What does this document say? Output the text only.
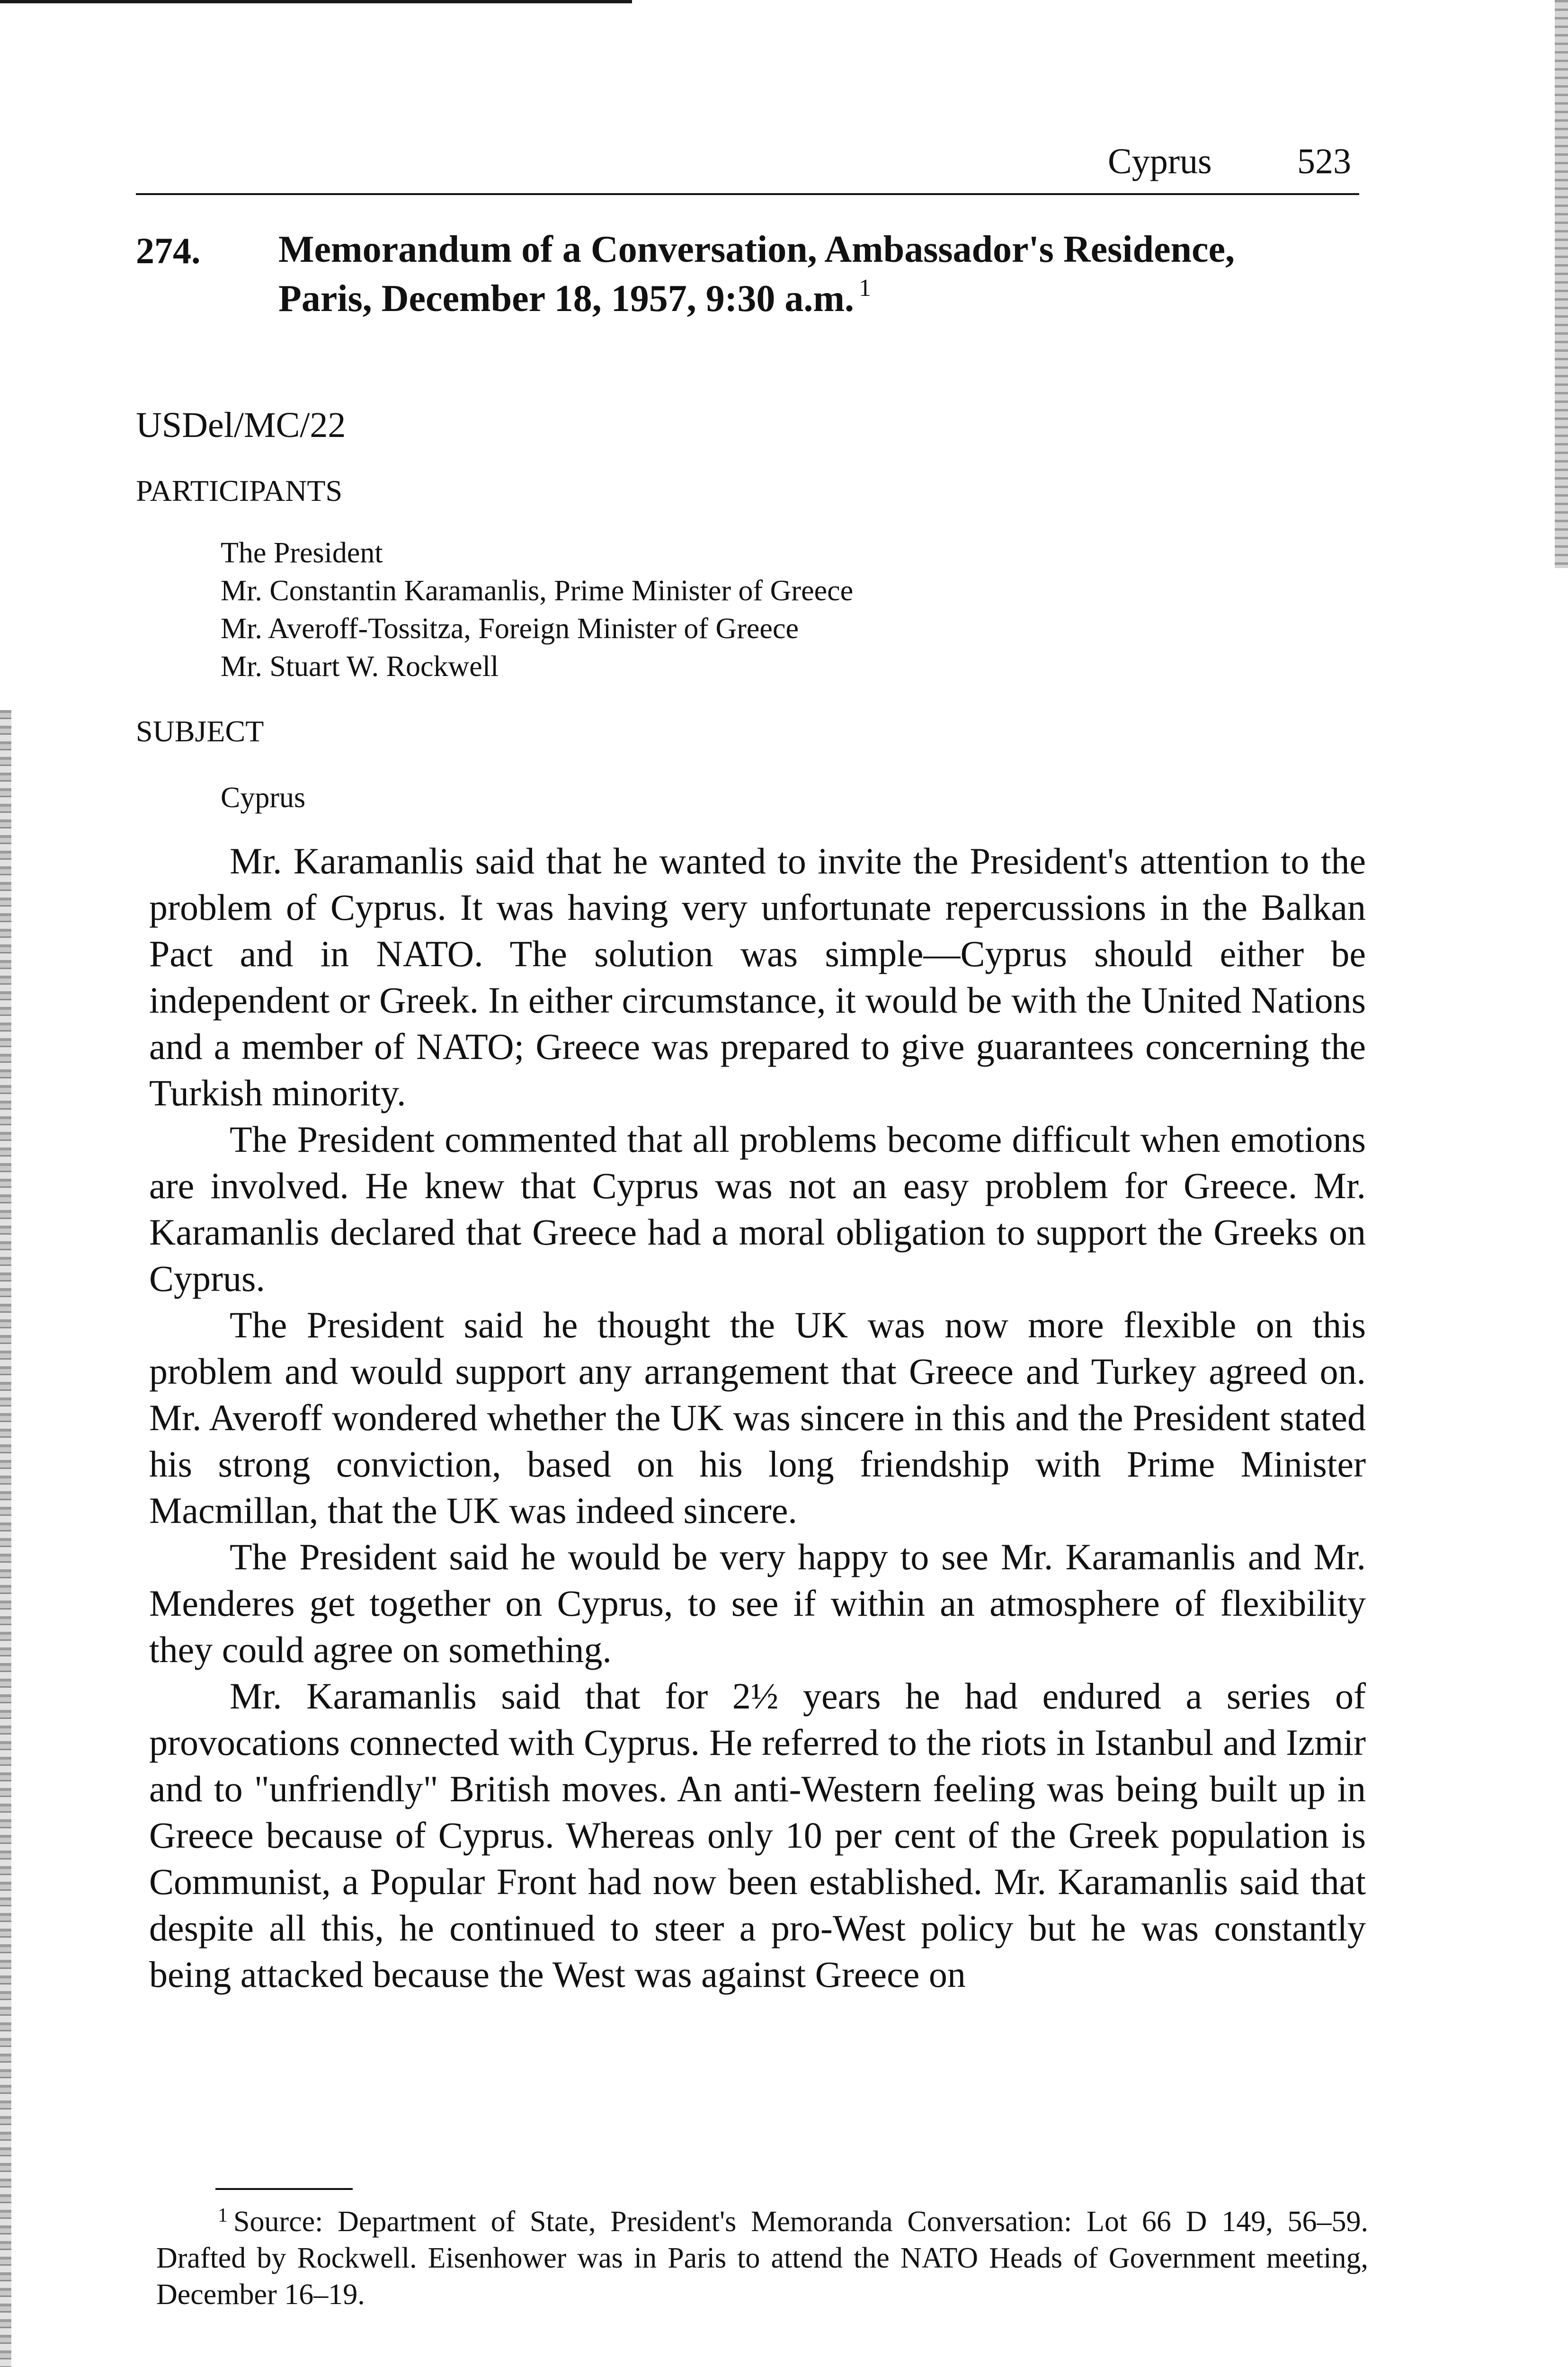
Cyprus 523
274. Memorandum of a Conversation, Ambassador's Residence, Paris, December 18, 1957, 9:30 a.m. $^1$
USDel/MC/22
PARTICIPANTS
The President
Mr. Constantin Karamanlis, Prime Minister of Greece
Mr. Averoff-Tossitza, Foreign Minister of Greece
Mr. Stuart W. Rockwell
SUBJECT
Cyprus

Mr. Karamanlis said that he wanted to invite the President's attention to the problem of Cyprus. It was having very unfortunate repercussions in the Balkan Pact and in NATO. The solution was simple—Cyprus should either be independent or Greek. In either circumstance, it would be with the United Nations and a member of NATO; Greece was prepared to give guarantees concerning the Turkish minority.

The President commented that all problems become difficult when emotions are involved. He knew that Cyprus was not an easy problem for Greece. Mr. Karamanlis declared that Greece had a moral obligation to support the Greeks on Cyprus.

The President said he thought the UK was now more flexible on this problem and would support any arrangement that Greece and Turkey agreed on. Mr. Averoff wondered whether the UK was sincere in this and the President stated his strong conviction, based on his long friendship with Prime Minister Macmillan, that the UK was indeed sincere.

The President said he would be very happy to see Mr. Karamanlis and Mr. Menderes get together on Cyprus, to see if within an atmosphere of flexibility they could agree on something.

Mr. Karamanlis said that for 2½ years he had endured a series of provocations connected with Cyprus. He referred to the riots in Istanbul and Izmir and to "unfriendly" British moves. An anti-Western feeling was being built up in Greece because of Cyprus. Whereas only 10 per cent of the Greek population is Communist, a Popular Front had now been established. Mr. Karamanlis said that despite all this, he continued to steer a pro-West policy but he was constantly being attacked because the West was against Greece on

$^1$ Source: Department of State, President's Memoranda Conversation: Lot 66 D 149, 56–59. Drafted by Rockwell. Eisenhower was in Paris to attend the NATO Heads of Government meeting, December 16–19.
